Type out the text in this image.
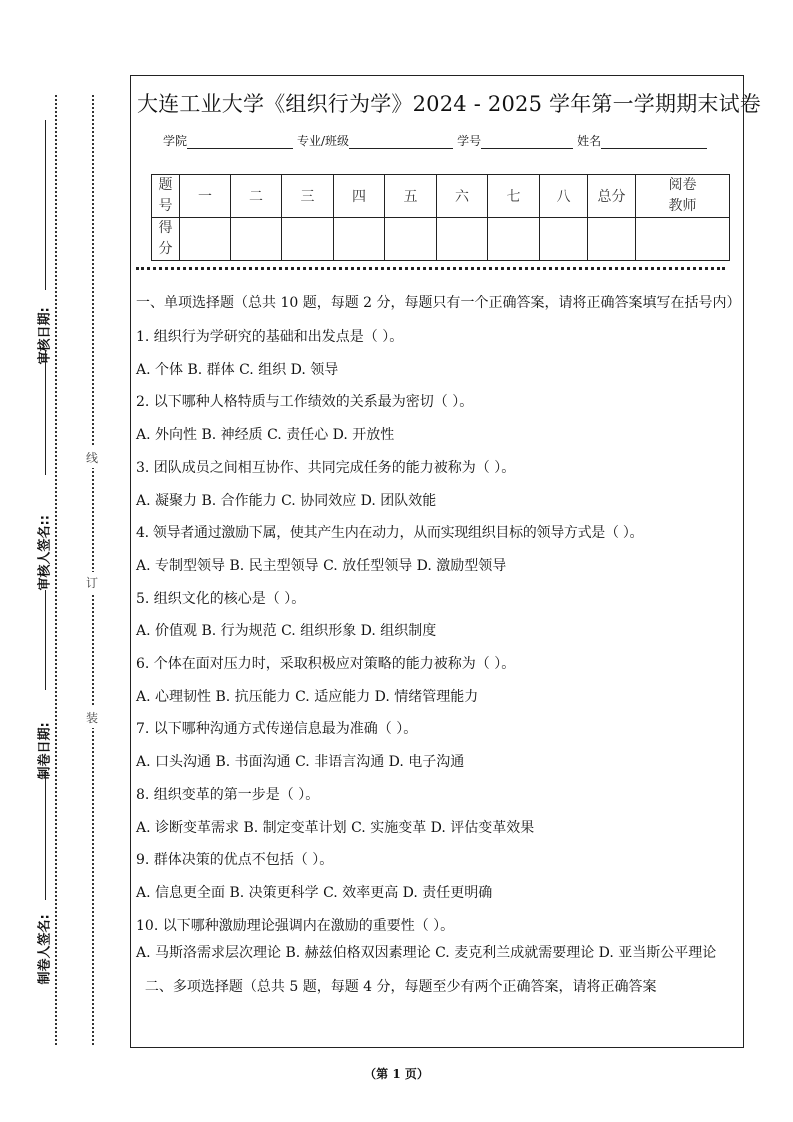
审核日期:
审核人签名::
制卷日期:
制卷人签名:
线
订
装
大连工业大学《组织行为学》2024 - 2025 学年第一学期期末试卷
学院	专业/班级	学号	姓名
题号	一	二	三	四	五	六	七	八	总分	阅卷教师
得分										

一、单项选择题（总共 10 题，每题 2 分，每题只有一个正确答案，请将正确答案填写在括号内）

1. 组织行为学研究的基础和出发点是（ ）。

A. 个体 B. 群体 C. 组织 D. 领导

2. 以下哪种人格特质与工作绩效的关系最为密切（ ）。

A. 外向性 B. 神经质 C. 责任心 D. 开放性

3. 团队成员之间相互协作、共同完成任务的能力被称为（ ）。

A. 凝聚力 B. 合作能力 C. 协同效应 D. 团队效能

4. 领导者通过激励下属，使其产生内在动力，从而实现组织目标的领导方式是（ ）。

A. 专制型领导 B. 民主型领导 C. 放任型领导 D. 激励型领导

5. 组织文化的核心是（ ）。

A. 价值观 B. 行为规范 C. 组织形象 D. 组织制度

6. 个体在面对压力时，采取积极应对策略的能力被称为（ ）。

A. 心理韧性 B. 抗压能力 C. 适应能力 D. 情绪管理能力

7. 以下哪种沟通方式传递信息最为准确（ ）。

A. 口头沟通 B. 书面沟通 C. 非语言沟通 D. 电子沟通

8. 组织变革的第一步是（ ）。

A. 诊断变革需求 B. 制定变革计划 C. 实施变革 D. 评估变革效果

9. 群体决策的优点不包括（ ）。

A. 信息更全面 B. 决策更科学 C. 效率更高 D. 责任更明确

10. 以下哪种激励理论强调内在激励的重要性（ ）。

A. 马斯洛需求层次理论 B. 赫兹伯格双因素理论 C. 麦克利兰成就需要理论 D. 亚当斯公平理论

二、多项选择题（总共 5 题，每题 4 分，每题至少有两个正确答案，请将正确答案

（第 1 页）
